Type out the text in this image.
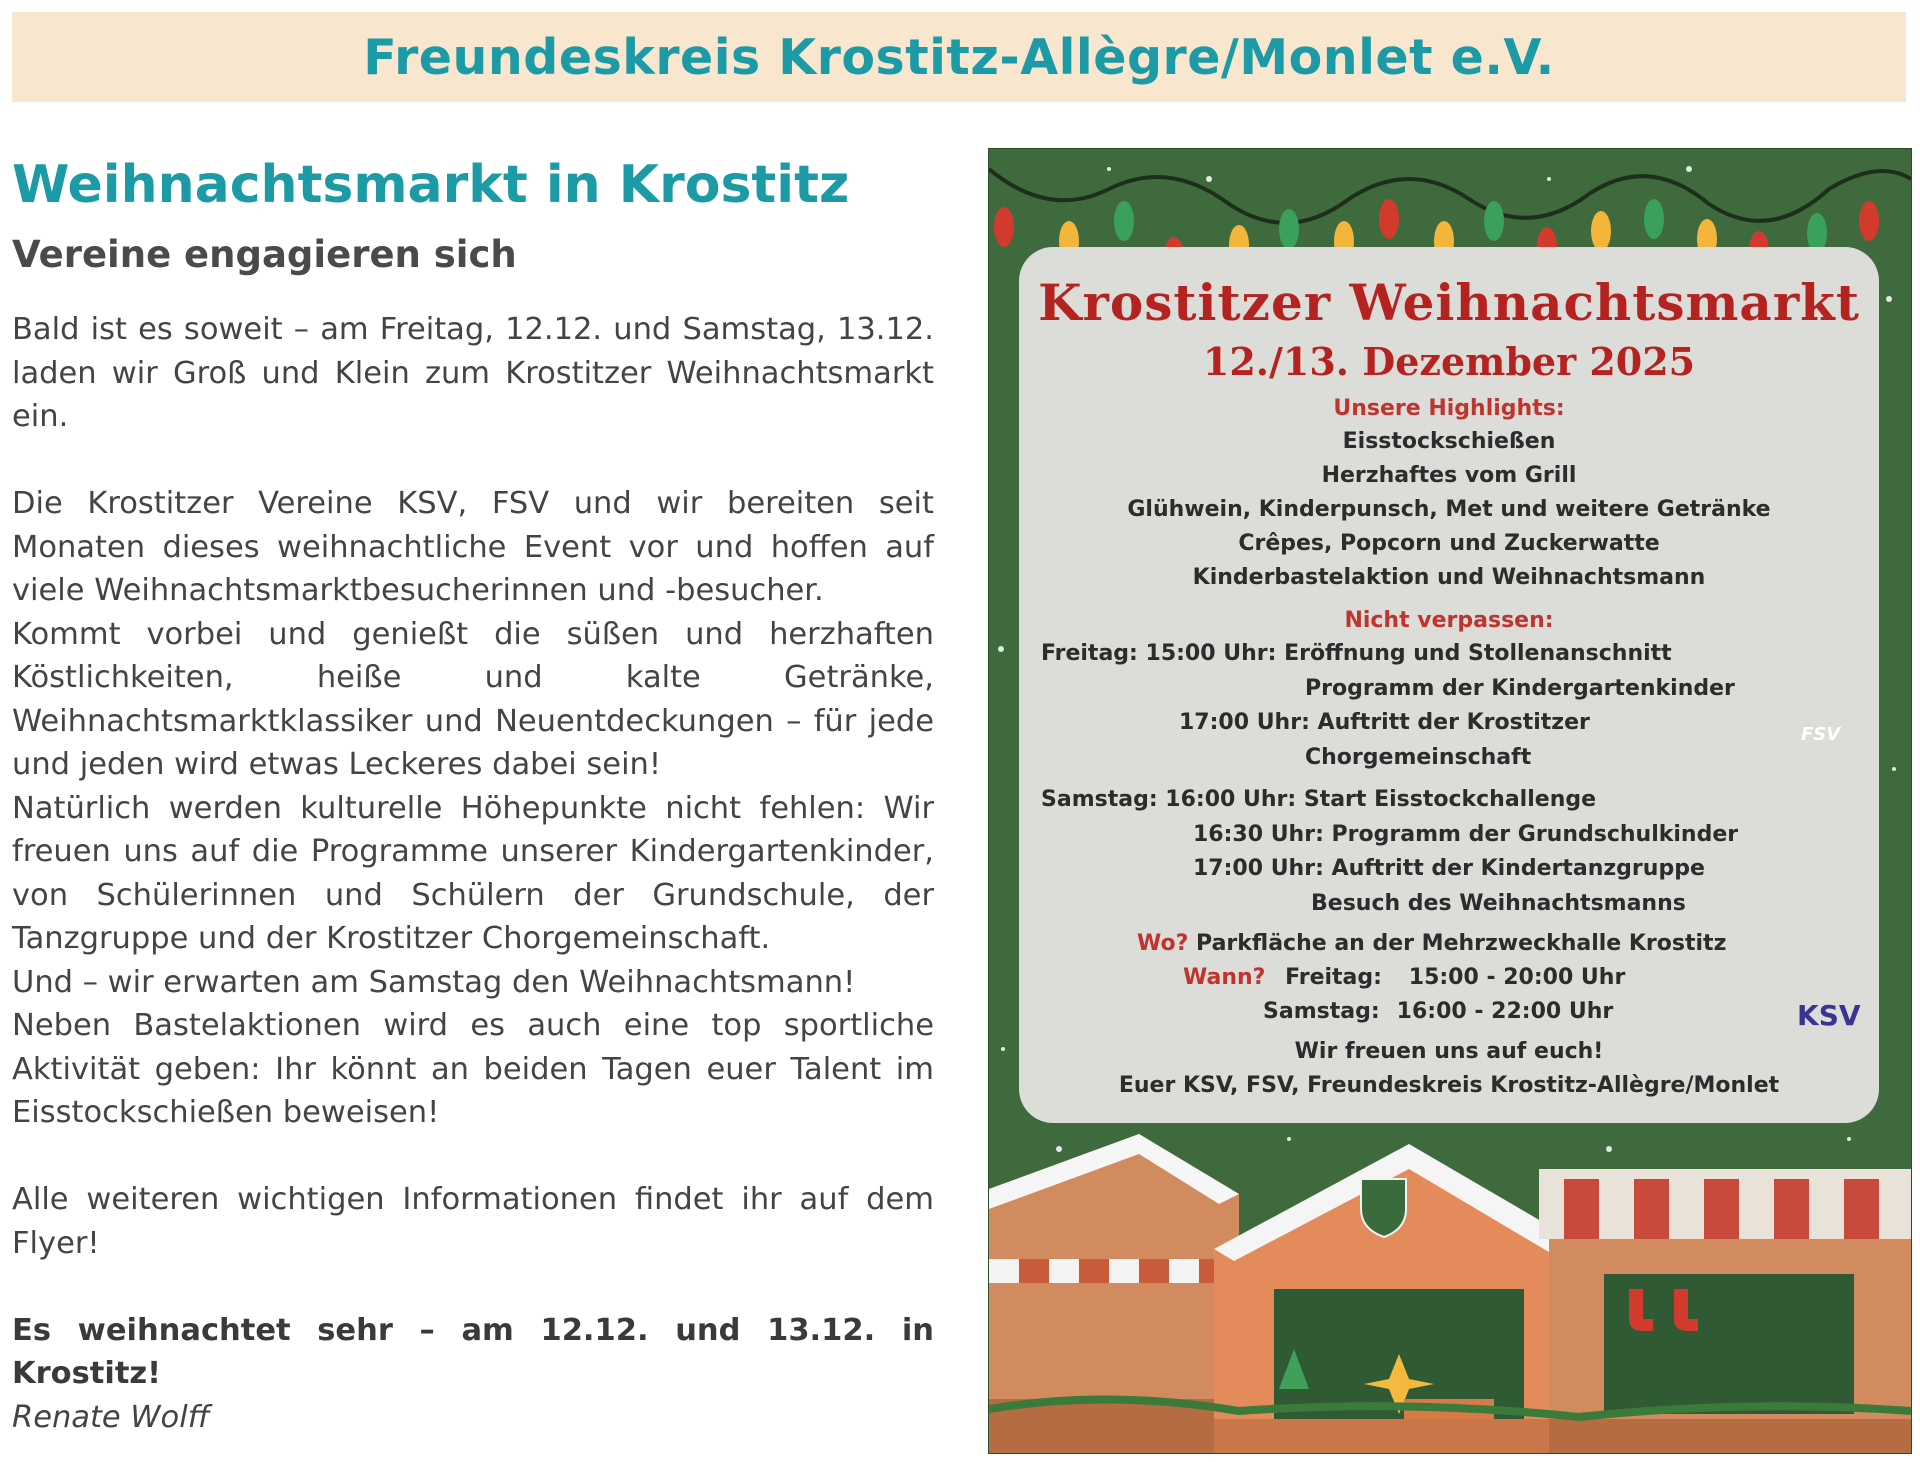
Freundeskreis Krostitz-Allègre/Monlet e.V.
Weihnachtsmarkt in Krostitz
Vereine engagieren sich

Bald ist es soweit – am Freitag, 12.12. und Samstag, 13.12. laden wir Groß und Klein zum Krostitzer Weihnachtsmarkt ein.

Die Krostitzer Vereine KSV, FSV und wir bereiten seit Monaten dieses weihnachtliche Event vor und hoffen auf viele Weihnachtsmarktbesucherinnen und -besucher.

Kommt vorbei und genießt die süßen und herzhaften Köstlichkeiten, heiße und kalte Getränke, Weihnachtsmarktklassiker und Neuentdeckungen – für jede und jeden wird etwas Leckeres dabei sein!

Natürlich werden kulturelle Höhepunkte nicht fehlen: Wir freuen uns auf die Programme unserer Kindergartenkinder, von Schülerinnen und Schülern der Grundschule, der Tanzgruppe und der Krostitzer Chorgemeinschaft.

Und – wir erwarten am Samstag den Weihnachtsmann!

Neben Bastelaktionen wird es auch eine top sportliche Aktivität geben: Ihr könnt an beiden Tagen euer Talent im Eisstockschießen beweisen!

Alle weiteren wichtigen Informationen findet ihr auf dem Flyer!

Es weihnachtet sehr – am 12.12. und 13.12. in Krostitz!

Renate Wolff

Krostitzer Weihnachtsmarkt
12./13. Dezember 2025
Unsere Highlights:
Eisstockschießen
Herzhaftes vom Grill
Glühwein, Kinderpunsch, Met und weitere Getränke
Crêpes, Popcorn und Zuckerwatte
Kinderbastelaktion und Weihnachtsmann
Nicht verpassen:
Freitag: 15:00 Uhr: Eröffnung und Stollenanschnitt
Programm der Kindergartenkinder
17:00 Uhr: Auftritt der Krostitzer
Chorgemeinschaft
Samstag: 16:00 Uhr: Start Eisstockchallenge
16:30 Uhr: Programm der Grundschulkinder
17:00 Uhr: Auftritt der Kindertanzgruppe
Besuch des Weihnachtsmanns
Wo? Parkfläche an der Mehrzweckhalle Krostitz
Wann? Freitag: 15:00 - 20:00 Uhr
Samstag: 16:00 - 22:00 Uhr
Wir freuen uns auf euch!
Euer KSV, FSV, Freundeskreis Krostitz-Allègre/Monlet
FSV
KSV
